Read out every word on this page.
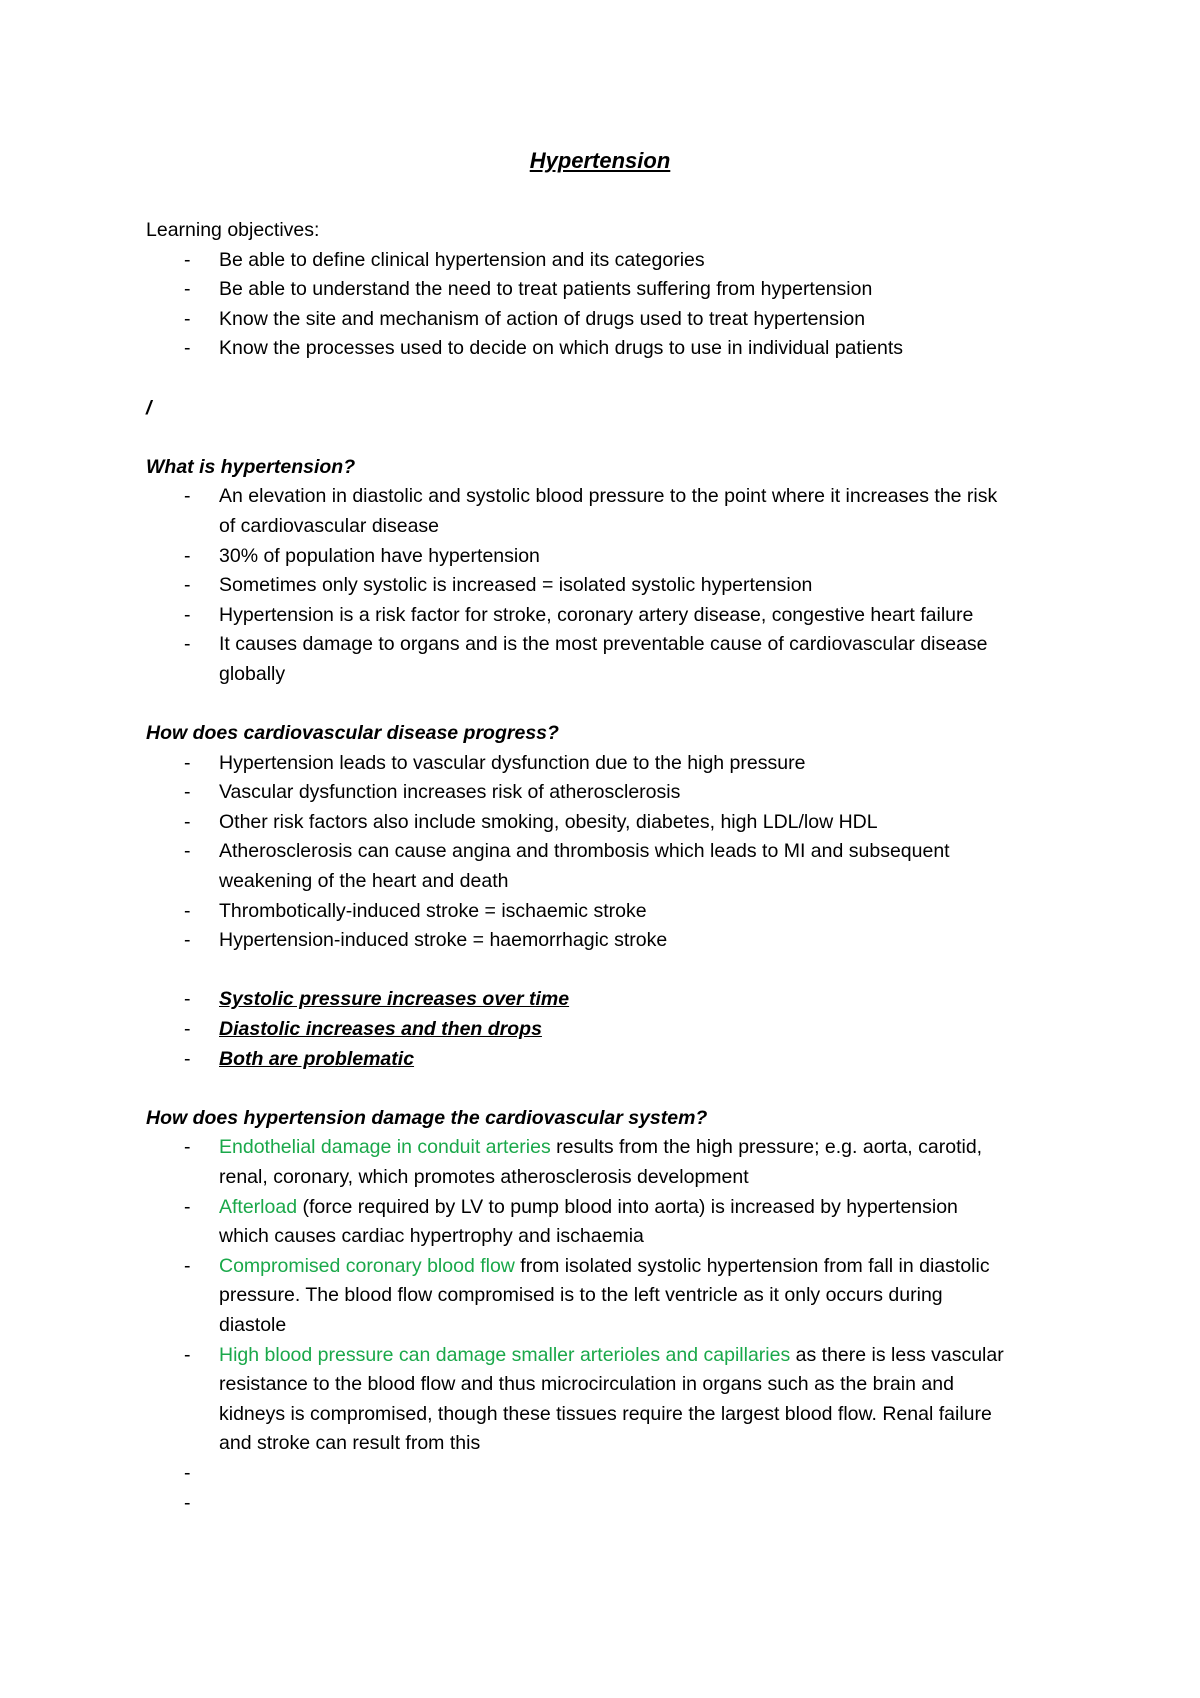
Hypertension
Learning objectives:
- Be able to define clinical hypertension and its categories
- Be able to understand the need to treat patients suffering from hypertension
- Know the site and mechanism of action of drugs used to treat hypertension
- Know the processes used to decide on which drugs to use in individual patients
/
What is hypertension?
- An elevation in diastolic and systolic blood pressure to the point where it increases the risk of cardiovascular disease
- 30% of population have hypertension
- Sometimes only systolic is increased = isolated systolic hypertension
- Hypertension is a risk factor for stroke, coronary artery disease, congestive heart failure
- It causes damage to organs and is the most preventable cause of cardiovascular disease globally
How does cardiovascular disease progress?
- Hypertension leads to vascular dysfunction due to the high pressure
- Vascular dysfunction increases risk of atherosclerosis
- Other risk factors also include smoking, obesity, diabetes, high LDL/low HDL
- Atherosclerosis can cause angina and thrombosis which leads to MI and subsequent weakening of the heart and death
- Thrombotically-induced stroke = ischaemic stroke
- Hypertension-induced stroke = haemorrhagic stroke
- Systolic pressure increases over time
- Diastolic increases and then drops
- Both are problematic
How does hypertension damage the cardiovascular system?
- Endothelial damage in conduit arteries results from the high pressure; e.g. aorta, carotid, renal, coronary, which promotes atherosclerosis development
- Afterload (force required by LV to pump blood into aorta) is increased by hypertension which causes cardiac hypertrophy and ischaemia
- Compromised coronary blood flow from isolated systolic hypertension from fall in diastolic pressure. The blood flow compromised is to the left ventricle as it only occurs during diastole
- High blood pressure can damage smaller arterioles and capillaries as there is less vascular resistance to the blood flow and thus microcirculation in organs such as the brain and kidneys is compromised, though these tissues require the largest blood flow. Renal failure and stroke can result from this
-
-
